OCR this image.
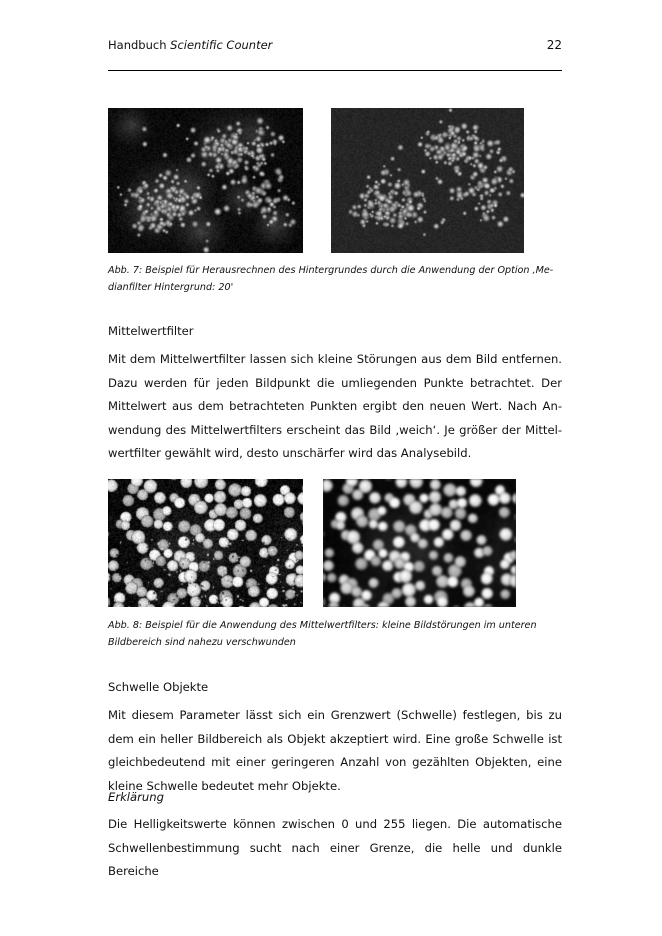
Handbuch Scientific Counter	22
Abb. 7: Beispiel für Herausrechnen des Hintergrundes durch die Anwendung der Option ‚Me-
dianfilter Hintergrund: 20'
Mittelwertfilter
Mit dem Mittelwertfilter lassen sich kleine Störungen aus dem Bild entfernen.
Dazu werden für jeden Bildpunkt die umliegenden Punkte betrachtet. Der
Mittelwert aus dem betrachteten Punkten ergibt den neuen Wert. Nach An-
wendung des Mittelwertfilters erscheint das Bild ‚weich‘. Je größer der Mittel-
wertfilter gewählt wird, desto unschärfer wird das Analysebild.
Abb. 8: Beispiel für die Anwendung des Mittelwertfilters: kleine Bildstörungen im unteren
Bildbereich sind nahezu verschwunden
Schwelle Objekte
Mit diesem Parameter lässt sich ein Grenzwert (Schwelle) festlegen, bis zu
dem ein heller Bildbereich als Objekt akzeptiert wird. Eine große Schwelle ist
gleichbedeutend mit einer geringeren Anzahl von gezählten Objekten, eine
kleine Schwelle bedeutet mehr Objekte.
Erklärung
Die Helligkeitswerte können zwischen 0 und 255 liegen. Die automatische
Schwellenbestimmung sucht nach einer Grenze, die helle und dunkle Bereiche
